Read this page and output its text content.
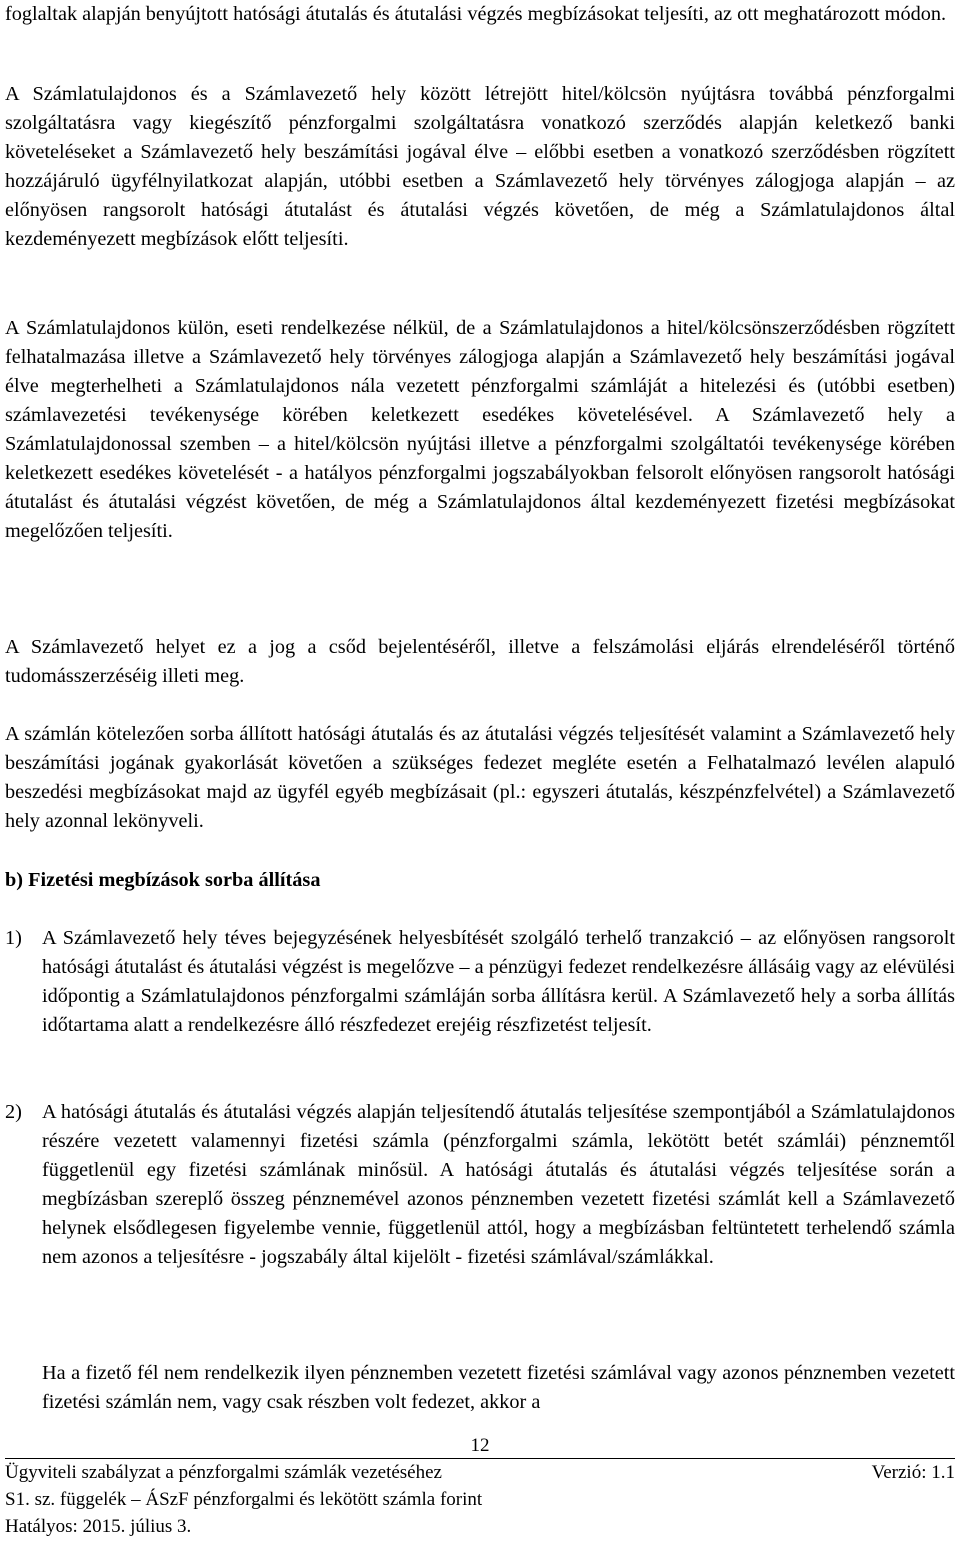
foglaltak alapján benyújtott hatósági átutalás és átutalási végzés megbízásokat teljesíti, az ott meghatározott módon.

A Számlatulajdonos és a Számlavezető hely között létrejött hitel/kölcsön nyújtásra továbbá pénzforgalmi szolgáltatásra vagy kiegészítő pénzforgalmi szolgáltatásra vonatkozó szerződés alapján keletkező banki követeléseket a Számlavezető hely beszámítási jogával élve – előbbi esetben a vonatkozó szerződésben rögzített hozzájáruló ügyfélnyilatkozat alapján, utóbbi esetben a Számlavezető hely törvényes zálogjoga alapján – az előnyösen rangsorolt hatósági átutalást és átutalási végzés követően, de még a Számlatulajdonos által kezdeményezett megbízások előtt teljesíti.

A Számlatulajdonos külön, eseti rendelkezése nélkül, de a Számlatulajdonos a hitel/kölcsönszerződésben rögzített felhatalmazása illetve a Számlavezető hely törvényes zálogjoga alapján a Számlavezető hely beszámítási jogával élve megterhelheti a Számlatulajdonos nála vezetett pénzforgalmi számláját a hitelezési és (utóbbi esetben) számlavezetési tevékenysége körében keletkezett esedékes követelésével. A Számlavezető hely a Számlatulajdonossal szemben – a hitel/kölcsön nyújtási illetve a pénzforgalmi szolgáltatói tevékenysége körében keletkezett esedékes követelését - a hatályos pénzforgalmi jogszabályokban felsorolt előnyösen rangsorolt hatósági átutalást és átutalási végzést követően, de még a Számlatulajdonos által kezdeményezett fizetési megbízásokat megelőzően teljesíti.

A Számlavezető helyet ez a jog a csőd bejelentéséről, illetve a felszámolási eljárás elrendeléséről történő tudomásszerzéséig illeti meg.

A számlán kötelezően sorba állított hatósági átutalás és az átutalási végzés teljesítését valamint a Számlavezető hely beszámítási jogának gyakorlását követően a szükséges fedezet megléte esetén a Felhatalmazó levélen alapuló beszedési megbízásokat majd az ügyfél egyéb megbízásait (pl.: egyszeri átutalás, készpénzfelvétel) a Számlavezető hely azonnal lekönyveli.

b) Fizetési megbízások sorba állítása

1) A Számlavezető hely téves bejegyzésének helyesbítését szolgáló terhelő tranzakció – az előnyösen rangsorolt hatósági átutalást és átutalási végzést is megelőzve – a pénzügyi fedezet rendelkezésre állásáig vagy az elévülési időpontig a Számlatulajdonos pénzforgalmi számláján sorba állításra kerül. A Számlavezető hely a sorba állítás időtartama alatt a rendelkezésre álló részfedezet erejéig részfizetést teljesít.

2) A hatósági átutalás és átutalási végzés alapján teljesítendő átutalás teljesítése szempontjából a Számlatulajdonos részére vezetett valamennyi fizetési számla (pénzforgalmi számla, lekötött betét számlái) pénznemtől függetlenül egy fizetési számlának minősül. A hatósági átutalás és átutalási végzés teljesítése során a megbízásban szereplő összeg pénznemével azonos pénznemben vezetett fizetési számlát kell a Számlavezető helynek elsődlegesen figyelembe vennie, függetlenül attól, hogy a megbízásban feltüntetett terhelendő számla nem azonos a teljesítésre - jogszabály által kijelölt - fizetési számlával/számlákkal.

Ha a fizető fél nem rendelkezik ilyen pénznemben vezetett fizetési számlával vagy azonos pénznemben vezetett fizetési számlán nem, vagy csak részben volt fedezet, akkor a

12
Ügyviteli szabályzat a pénzforgalmi számlák vezetéséhez	Verzió: 1.1
S1. sz. függelék – ÁSzF pénzforgalmi és lekötött számla forint
Hatályos: 2015. július 3.
